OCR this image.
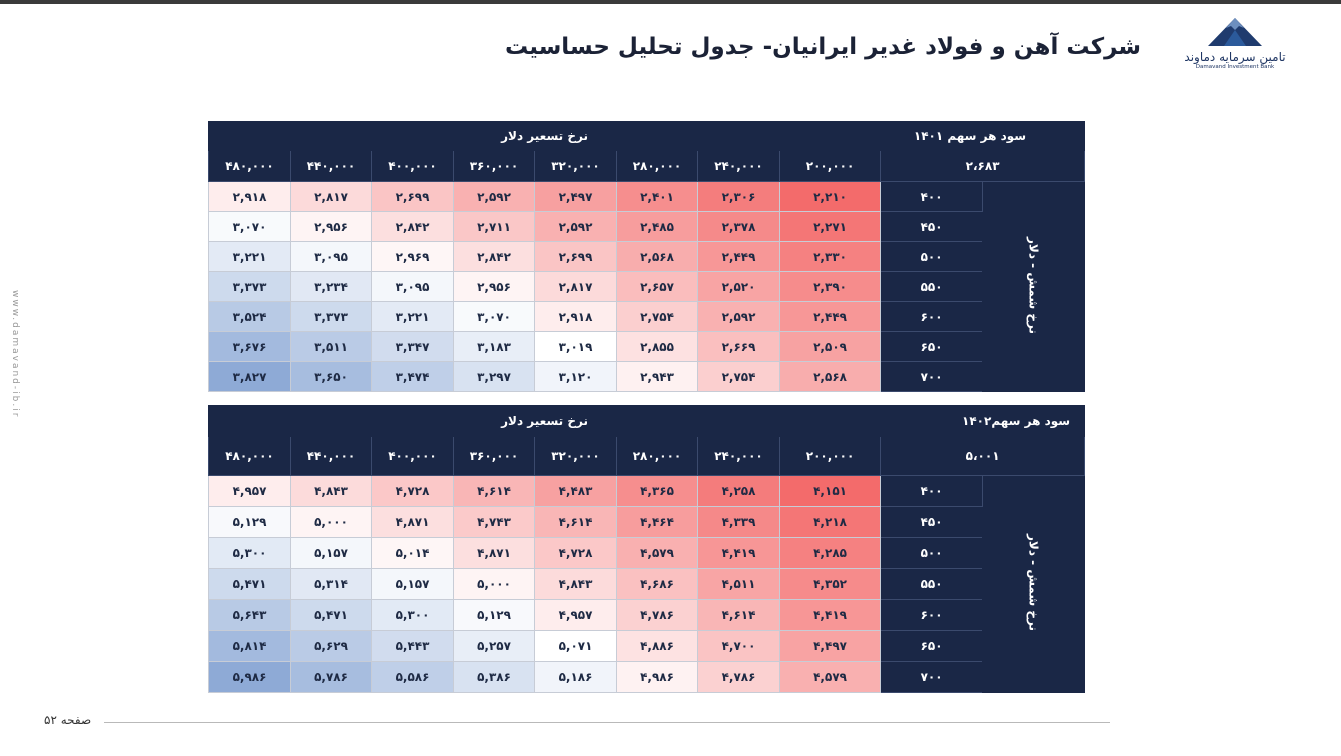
شرکت آهن و فولاد غدیر ایرانیان- جدول تحلیل حساسیت	تامین سرمایه دماوند
Damavand Investment Bank
www.damavand-ib.ir
نرخ تسعیر دلار								سود هر سهم ۱۴۰۱	
۴۸۰,۰۰۰	۴۴۰,۰۰۰	۴۰۰,۰۰۰	۳۶۰,۰۰۰	۳۲۰,۰۰۰	۲۸۰,۰۰۰	۲۴۰,۰۰۰	۲۰۰,۰۰۰	۲،۶۸۳	
۲,۹۱۸	۲,۸۱۷	۲,۶۹۹	۲,۵۹۲	۲,۴۹۷	۲,۴۰۱	۲,۳۰۶	۲,۲۱۰	۴۰۰	نرخ شمش - دلار
۳,۰۷۰	۲,۹۵۶	۲,۸۴۲	۲,۷۱۱	۲,۵۹۲	۲,۴۸۵	۲,۳۷۸	۲,۲۷۱	۴۵۰	
۳,۲۲۱	۳,۰۹۵	۲,۹۶۹	۲,۸۴۲	۲,۶۹۹	۲,۵۶۸	۲,۴۴۹	۲,۳۳۰	۵۰۰	
۳,۳۷۳	۳,۲۳۴	۳,۰۹۵	۲,۹۵۶	۲,۸۱۷	۲,۶۵۷	۲,۵۲۰	۲,۳۹۰	۵۵۰	
۳,۵۲۴	۳,۳۷۳	۳,۲۲۱	۳,۰۷۰	۲,۹۱۸	۲,۷۵۴	۲,۵۹۲	۲,۴۴۹	۶۰۰	
۳,۶۷۶	۳,۵۱۱	۳,۳۴۷	۳,۱۸۳	۳,۰۱۹	۲,۸۵۵	۲,۶۶۹	۲,۵۰۹	۶۵۰	
۳,۸۲۷	۳,۶۵۰	۳,۴۷۴	۳,۲۹۷	۳,۱۲۰	۲,۹۴۳	۲,۷۵۴	۲,۵۶۸	۷۰۰	
نرخ تسعیر دلار								۱۴۰۲سود هر سهم	
۴۸۰,۰۰۰	۴۴۰,۰۰۰	۴۰۰,۰۰۰	۳۶۰,۰۰۰	۳۲۰,۰۰۰	۲۸۰,۰۰۰	۲۴۰,۰۰۰	۲۰۰,۰۰۰	۵،۰۰۱	
۴,۹۵۷	۴,۸۴۳	۴,۷۲۸	۴,۶۱۴	۴,۴۸۳	۴,۳۶۵	۴,۲۵۸	۴,۱۵۱	۴۰۰	نرخ شمش - دلار
۵,۱۲۹	۵,۰۰۰	۴,۸۷۱	۴,۷۴۳	۴,۶۱۴	۴,۴۶۴	۴,۳۳۹	۴,۲۱۸	۴۵۰	
۵,۳۰۰	۵,۱۵۷	۵,۰۱۴	۴,۸۷۱	۴,۷۲۸	۴,۵۷۹	۴,۴۱۹	۴,۲۸۵	۵۰۰	
۵,۴۷۱	۵,۳۱۴	۵,۱۵۷	۵,۰۰۰	۴,۸۴۳	۴,۶۸۶	۴,۵۱۱	۴,۳۵۲	۵۵۰	
۵,۶۴۳	۵,۴۷۱	۵,۳۰۰	۵,۱۲۹	۴,۹۵۷	۴,۷۸۶	۴,۶۱۴	۴,۴۱۹	۶۰۰	
۵,۸۱۴	۵,۶۲۹	۵,۴۴۳	۵,۲۵۷	۵,۰۷۱	۴,۸۸۶	۴,۷۰۰	۴,۴۹۷	۶۵۰	
۵,۹۸۶	۵,۷۸۶	۵,۵۸۶	۵,۳۸۶	۵,۱۸۶	۴,۹۸۶	۴,۷۸۶	۴,۵۷۹	۷۰۰	
صفحه ۵۲
